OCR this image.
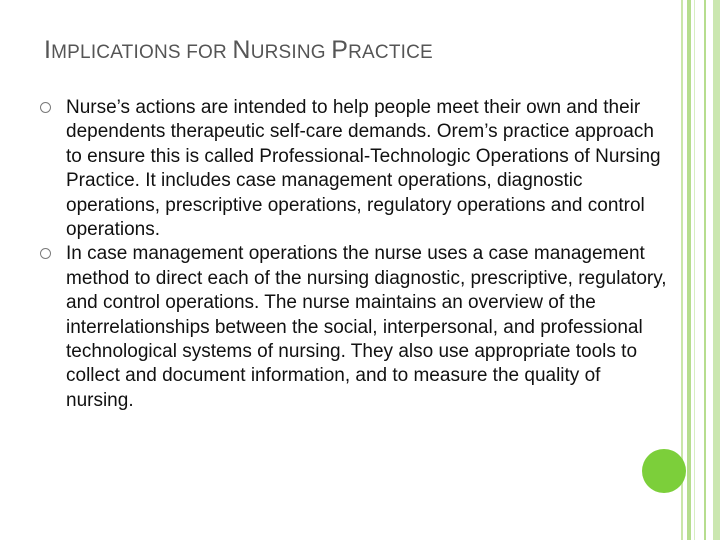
IMPLICATIONS FOR NURSING PRACTICE
Nurse’s actions are intended to help people meet their own and their dependents therapeutic self-care demands. Orem’s practice approach to ensure this is called Professional-Technologic Operations of Nursing Practice. It includes case management operations, diagnostic operations, prescriptive operations, regulatory operations and control operations.
In case management operations the nurse uses a case management method to direct each of the nursing diagnostic, prescriptive, regulatory, and control operations. The nurse maintains an overview of the interrelationships between the social, interpersonal, and professional technological systems of nursing. They also use appropriate tools to collect and document information, and to measure the quality of nursing.
